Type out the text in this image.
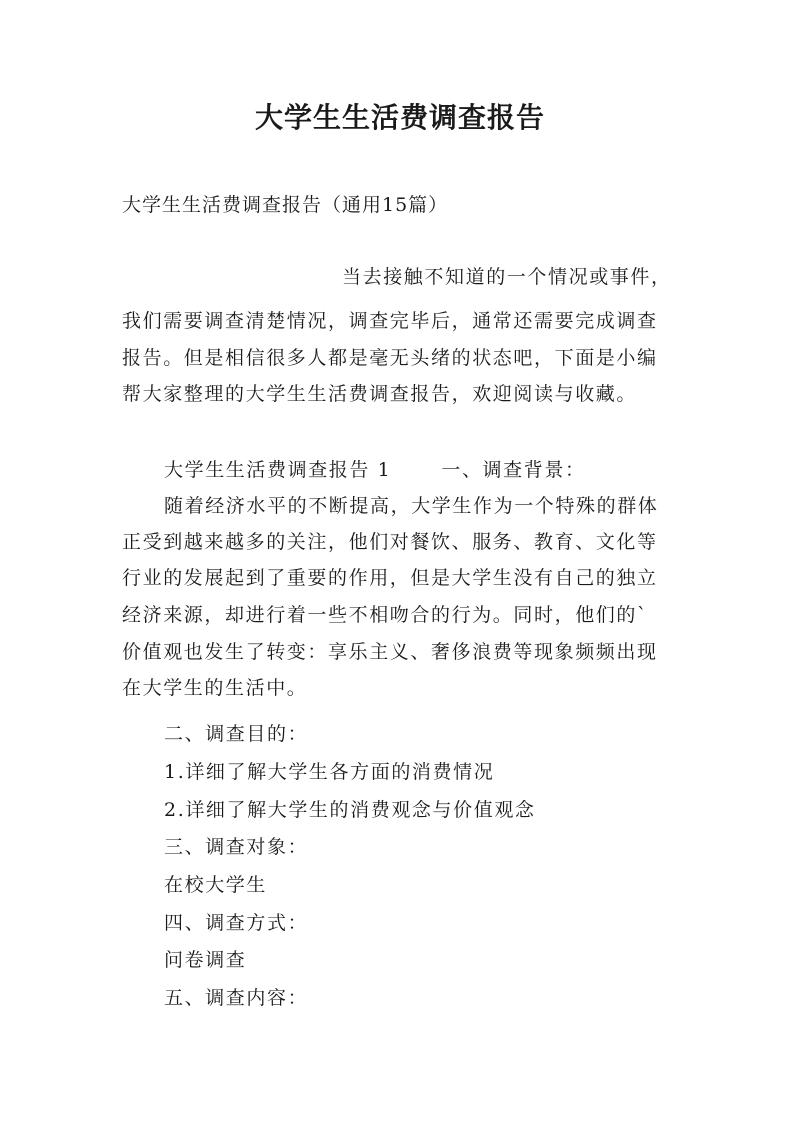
大学生生活费调查报告
大学生生活费调查报告（通用15篇）
当去接触不知道的一个情况或事件，
我们需要调查清楚情况，调查完毕后，通常还需要完成调查
报告。但是相信很多人都是毫无头绪的状态吧，下面是小编
帮大家整理的大学生生活费调查报告，欢迎阅读与收藏。
大学生生活费调查报告 1	一、调查背景：
随着经济水平的不断提高，大学生作为一个特殊的群体
正受到越来越多的关注，他们对餐饮、服务、教育、文化等
行业的发展起到了重要的作用，但是大学生没有自己的独立
经济来源，却进行着一些不相吻合的行为。同时，他们的`
价值观也发生了转变：享乐主义、奢侈浪费等现象频频出现
在大学生的生活中。
二、调查目的：
1.详细了解大学生各方面的消费情况
2.详细了解大学生的消费观念与价值观念
三、调查对象：
在校大学生
四、调查方式：
问卷调查
五、调查内容：
